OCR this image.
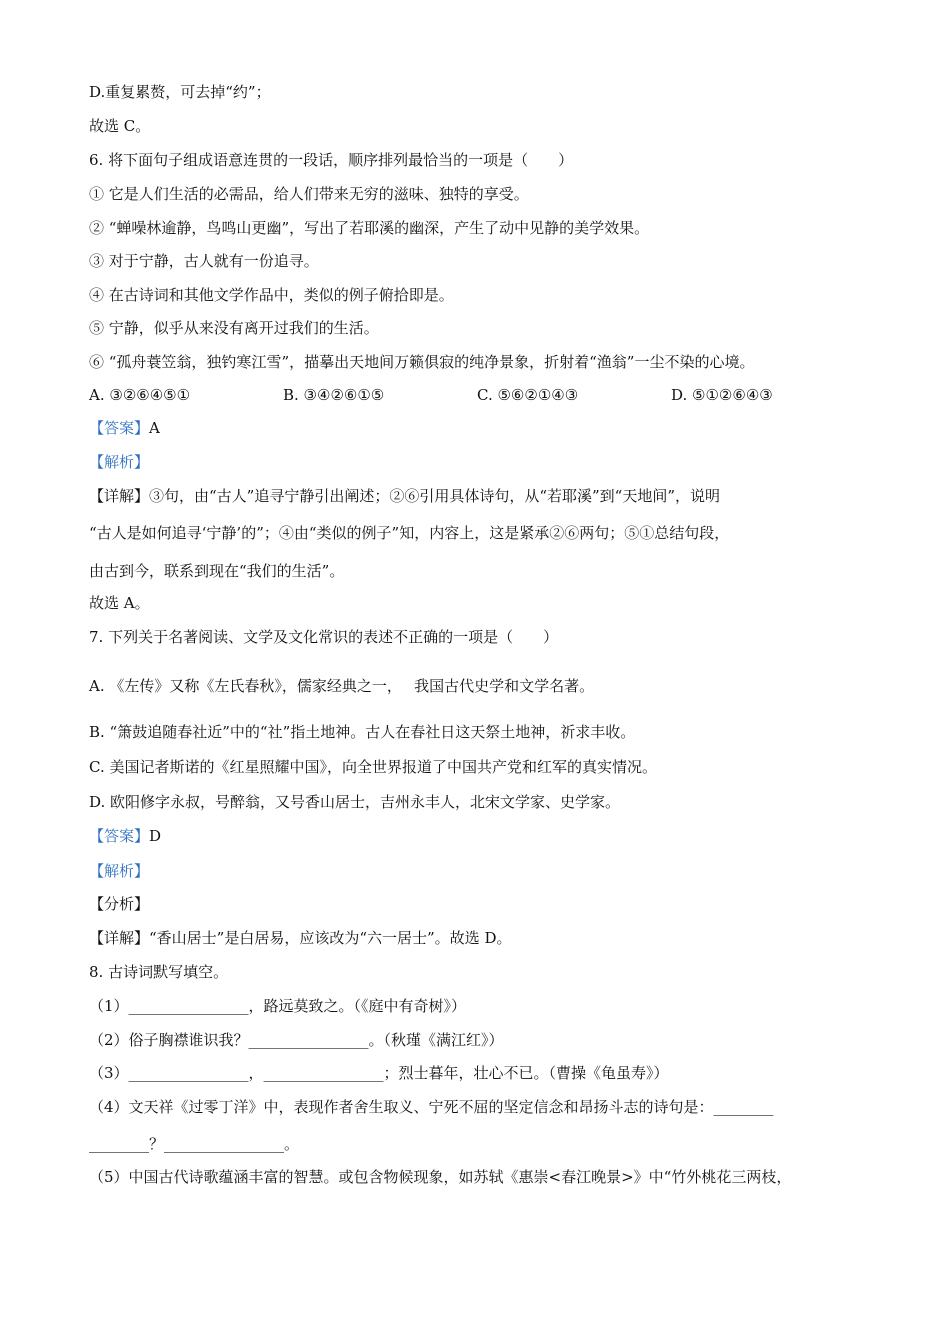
D.重复累赘，可去掉“约”；
故选 C。
6. 将下面句子组成语意连贯的一段话，顺序排列最恰当的一项是（　　）
① 它是人们生活的必需品，给人们带来无穷的滋味、独特的享受。
② “蝉噪林逾静，鸟鸣山更幽”，写出了若耶溪的幽深，产生了动中见静的美学效果。
③ 对于宁静，古人就有一份追寻。
④ 在古诗词和其他文学作品中，类似的例子俯拾即是。
⑤ 宁静，似乎从来没有离开过我们的生活。
⑥ “孤舟蓑笠翁，独钓寒江雪”，描摹出天地间万籁俱寂的纯净景象，折射着“渔翁”一尘不染的心境。
A. ③②⑥④⑤①	B. ③④②⑥①⑤	C. ⑤⑥②①④③	D. ⑤①②⑥④③
【答案】A
【解析】
【详解】③句，由“古人”追寻宁静引出阐述；②⑥引用具体诗句，从“若耶溪”到“天地间”，说明
“古人是如何追寻‘宁静’的”；④由“类似的例子”知，内容上，这是紧承②⑥两句；⑤①总结句段，
由古到今，联系到现在“我们的生活”。
故选 A。
7. 下列关于名著阅读、文学及文化常识的表述不正确的一项是（　　）
A. 《左传》又称《左氏春秋》，儒家经典之一，　 我国古代史学和文学名著。
B. “箫鼓追随春社近”中的“社”指土地神。古人在春社日这天祭土地神，祈求丰收。
C. 美国记者斯诺的《红星照耀中国》，向全世界报道了中国共产党和红军的真实情况。
D. 欧阳修字永叔，号醉翁，又号香山居士，吉州永丰人，北宋文学家、史学家。
【答案】D
【解析】
【分析】
【详解】“香山居士”是白居易，应该改为“六一居士”。故选 D。
8. 古诗词默写填空。
（1）________________，路远莫致之。（《庭中有奇树》）
（2）俗子胸襟谁识我？________________。（秋瑾《满江红》）
（3）________________，________________；烈士暮年，壮心不已。（曹操《龟虽寿》）
（4）文天祥《过零丁洋》中，表现作者舍生取义、宁死不屈的坚定信念和昂扬斗志的诗句是：________
________？________________。
（5）中国古代诗歌蕴涵丰富的智慧。或包含物候现象，如苏轼《惠崇<春江晚景>》中“竹外桃花三两枝，
